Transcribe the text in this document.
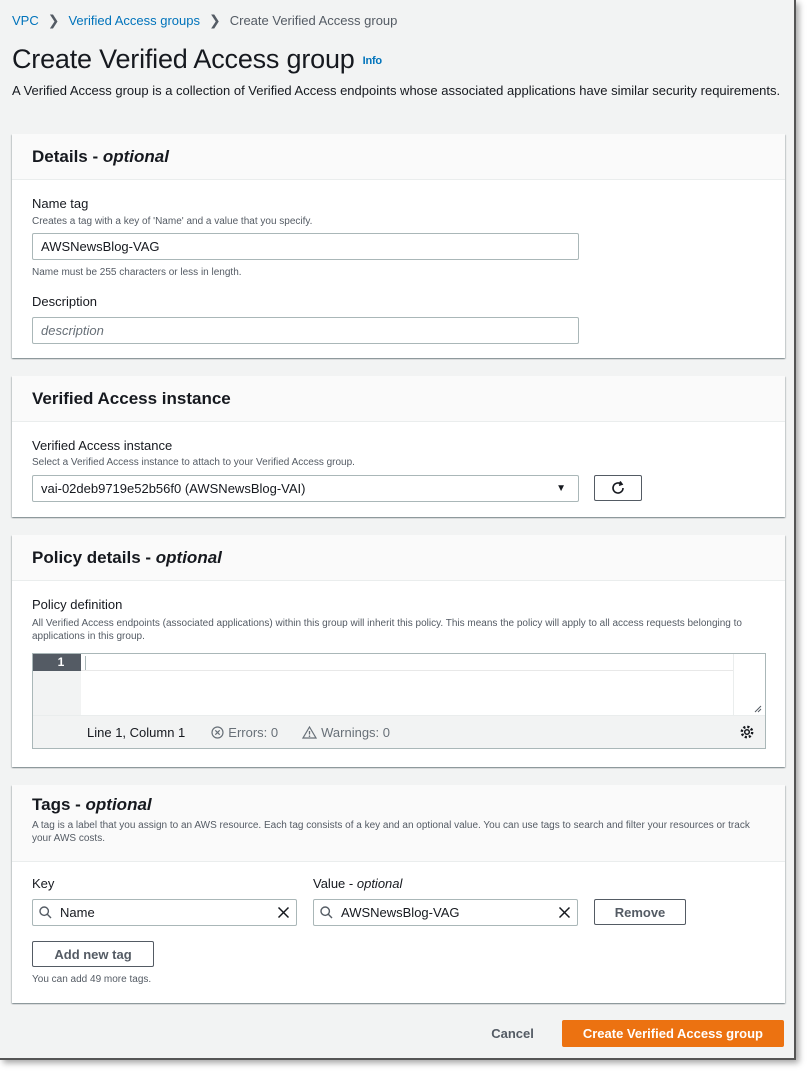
VPC ❯ Verified Access groups ❯ Create Verified Access group
Create Verified Access group Info
A Verified Access group is a collection of Verified Access endpoints whose associated applications have similar security requirements.
Details - optional
Name tag
Creates a tag with a key of 'Name' and a value that you specify.
AWSNewsBlog-VAG
Name must be 255 characters or less in length.
Description
description
Verified Access instance
Verified Access instance
Select a Verified Access instance to attach to your Verified Access group.
vai-02deb9719e52b56f0 (AWSNewsBlog-VAI)	▼
Policy details - optional
Policy definition
All Verified Access endpoints (associated applications) within this group will inherit this policy. This means the policy will apply to all access requests belonging to applications in this group.
1
Line 1, Column 1	Errors: 0	Warnings: 0
Tags - optional
A tag is a label that you assign to an AWS resource. Each tag consists of a key and an optional value. You can use tags to search and filter your resources or track your AWS costs.
Key	Value - optional
Name	AWSNewsBlog-VAG	Remove
Add new tag
You can add 49 more tags.
Cancel	Create Verified Access group
